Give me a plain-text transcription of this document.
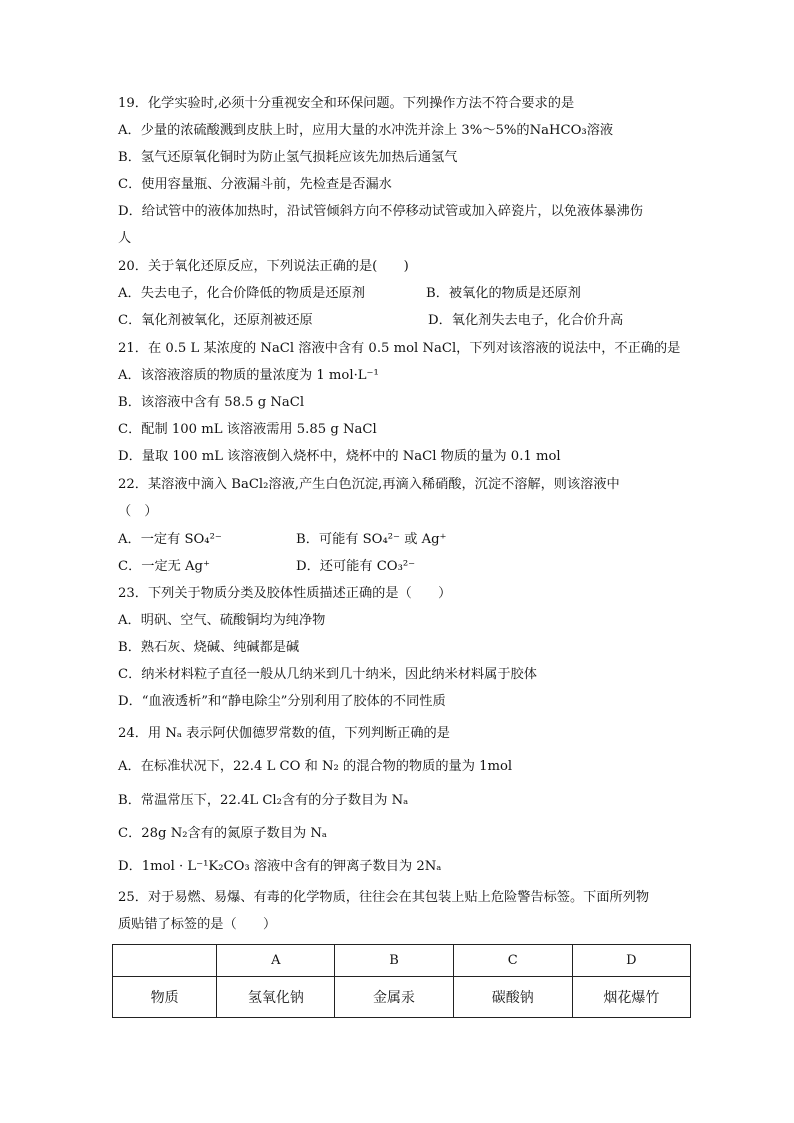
19．化学实验时,必须十分重视安全和环保问题。下列操作方法不符合要求的是
A．少量的浓硫酸溅到皮肤上时，应用大量的水冲洗并涂上 3%～5%的NaHCO₃溶液
B．氢气还原氧化铜时为防止氢气损耗应该先加热后通氢气
C．使用容量瓶、分液漏斗前，先检查是否漏水
D．给试管中的液体加热时，沿试管倾斜方向不停移动试管或加入碎瓷片，以免液体暴沸伤
人
20．关于氧化还原反应，下列说法正确的是(　　)
A．失去电子，化合价降低的物质是还原剂	B．被氧化的物质是还原剂
C．氧化剂被氧化，还原剂被还原	D．氧化剂失去电子，化合价升高
21．在 0.5 L 某浓度的 NaCl 溶液中含有 0.5 mol NaCl，下列对该溶液的说法中，不正确的是
A．该溶液溶质的物质的量浓度为 1 mol·L⁻¹
B．该溶液中含有 58.5 g NaCl
C．配制 100 mL 该溶液需用 5.85 g NaCl
D．量取 100 mL 该溶液倒入烧杯中，烧杯中的 NaCl 物质的量为 0.1 mol
22．某溶液中滴入 BaCl₂溶液,产生白色沉淀,再滴入稀硝酸，沉淀不溶解，则该溶液中
（　）
A．一定有 SO₄²⁻	B．可能有 SO₄²⁻ 或 Ag⁺
C．一定无 Ag⁺	D．还可能有 CO₃²⁻
23．下列关于物质分类及胶体性质描述正确的是（　　）
A．明矾、空气、硫酸铜均为纯净物
B．熟石灰、烧碱、纯碱都是碱
C．纳米材料粒子直径一般从几纳米到几十纳米，因此纳米材料属于胶体
D．“血液透析”和“静电除尘”分别利用了胶体的不同性质
24．用 Nₐ 表示阿伏伽德罗常数的值，下列判断正确的是
A．在标准状况下，22.4 L CO 和 N₂ 的混合物的物质的量为 1mol
B．常温常压下，22.4L Cl₂含有的分子数目为 Nₐ
C．28g N₂含有的氮原子数目为 Nₐ
D．1mol · L⁻¹K₂CO₃ 溶液中含有的钾离子数目为 2Nₐ
25．对于易燃、易爆、有毒的化学物质，往往会在其包装上贴上危险警告标签。下面所列物
质贴错了标签的是（　　）
	A	B	C	D
物质	氢氧化钠	金属汞	碳酸钠	烟花爆竹
